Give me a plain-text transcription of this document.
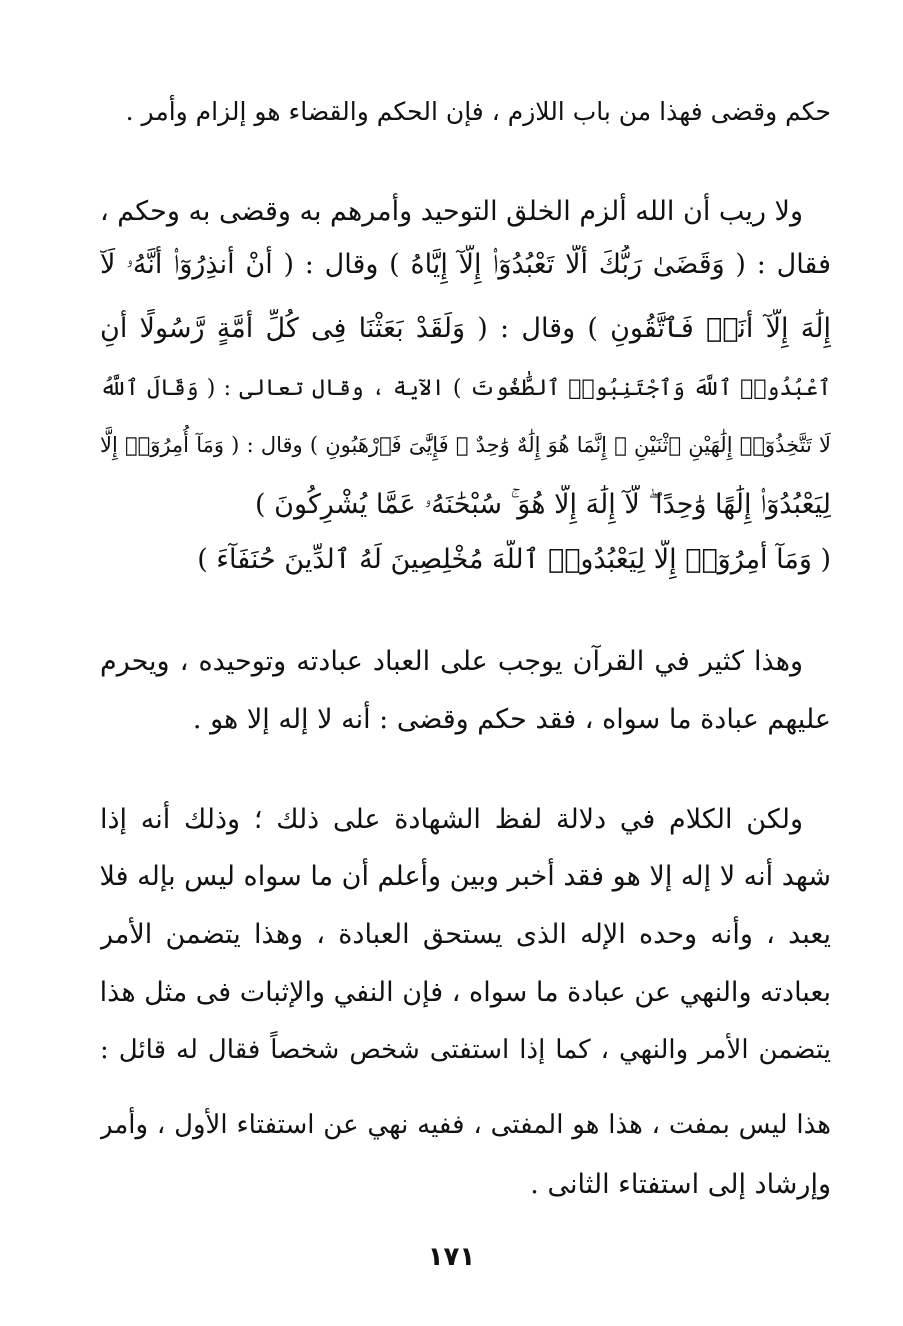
حكم وقضى فهذا من باب اللازم ، فإن الحكم والقضاء هو إلزام وأمر .
ولا ريب أن الله ألزم الخلق التوحيد وأمرهم به وقضى به وحكم ،
فقال : ( وَقَضَىٰ رَبُّكَ أَلَّا تَعْبُدُوٓا۟ إِلَّآ إِيَّاهُ ) وقال : ( أَنْ أَنذِرُوٓا۟ أَنَّهُۥ لَآ
إِلَٰهَ إِلَّآ أَنَا۠ فَٱتَّقُونِ ) وقال : ( وَلَقَدْ بَعَثْنَا فِى كُلِّ أُمَّةٍ رَّسُولًا أَنِ
ٱعْبُدُوا۟ ٱللَّهَ وَٱجْتَنِبُوا۟ ٱلطَّٰغُوتَ ) الآية ، وقال تعالى : ( وَقَالَ ٱللَّهُ
لَا تَتَّخِذُوٓا۟ إِلَٰهَيْنِ ٱثْنَيْنِ ۖ إِنَّمَا هُوَ إِلَٰهٌ وَٰحِدٌ ۖ فَإِيَّٰىَ فَٱرْهَبُونِ ) وقال : ( وَمَآ أُمِرُوٓا۟ إِلَّا
لِيَعْبُدُوٓا۟ إِلَٰهًا وَٰحِدًا ۖ لَّآ إِلَٰهَ إِلَّا هُوَ ۚ سُبْحَٰنَهُۥ عَمَّا يُشْرِكُونَ )
( وَمَآ أُمِرُوٓا۟ إِلَّا لِيَعْبُدُوا۟ ٱللَّهَ مُخْلِصِينَ لَهُ ٱلدِّينَ حُنَفَآءَ )
وهذا كثير في القرآن يوجب على العباد عبادته وتوحيده ، ويحرم
عليهم عبادة ما سواه ، فقد حكم وقضى : أنه لا إله إلا هو .
ولكن الكلام في دلالة لفظ الشهادة على ذلك ؛ وذلك أنه إذا
شهد أنه لا إله إلا هو فقد أخبر وبين وأعلم أن ما سواه ليس بإله فلا
يعبد ، وأنه وحده الإله الذى يستحق العبادة ، وهذا يتضمن الأمر
بعبادته والنهي عن عبادة ما سواه ، فإن النفي والإثبات فى مثل هذا
يتضمن الأمر والنهي ، كما إذا استفتى شخص شخصاً فقال له قائل :
هذا ليس بمفت ، هذا هو المفتى ، ففيه نهي عن استفتاء الأول ، وأمر
وإرشاد إلى استفتاء الثانى .
١٧١
